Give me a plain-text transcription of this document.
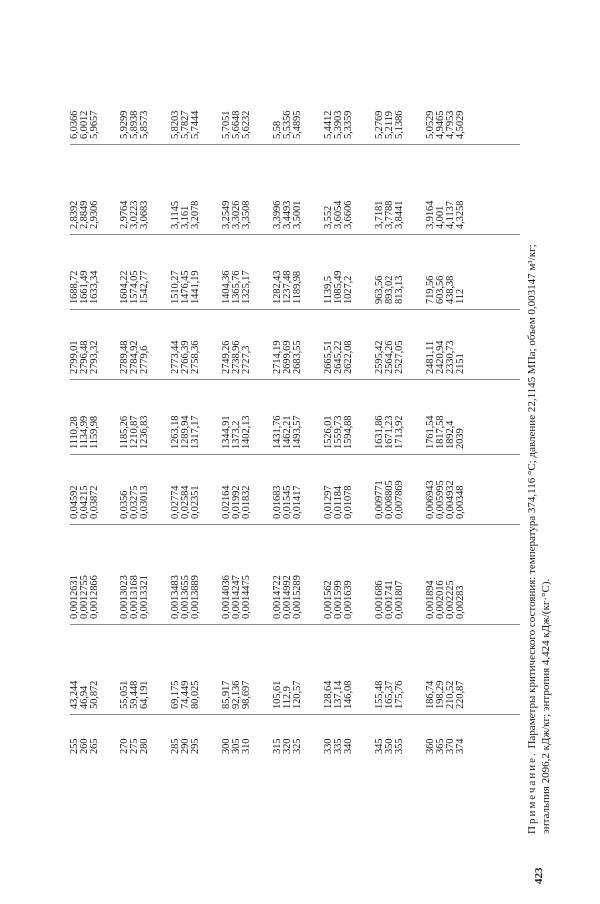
255 260 265
43,244 46,94 50,872
0,0012631 0,0012755 0,0012866
0,04592 0,04215 0,03872
1110,28 1134,99 1159,98
2799,01 2796,48 2793,32
1688,72 1661,49 1633,34
2,8392 2,8849 2,9306
6,0366 6,0012 5,9657
270 275 280
55,051 59,448 64,191
0,0013023 0,0013168 0,0013321
0,0356 0,03275 0,03013
1185,26 1210,87 1236,83
2789,48 2784,92 2779,6
1604,22 1574,05 1542,77
2,9764 3,0223 3,0683
5,9299 5,8938 5,8573
285 290 295
69,175 74,449 80,025
0,0013483 0,0013655 0,0013889
0,02774 0,02584 0,02351
1263,18 1289,94 1317,17
2773,44 2766,39 2758,36
1510,27 1476,45 1441,19
3,1145 3,161 3,2078
5,8203 5,7827 5,7444
300 305 310
85,917 92,136 98,697
0,0014036 0,0014247 0,0014475
0,02164 0,01992 0,01832
1344,91 1373,2 1402,13
2749,26 2738,96 2727,3
1404,36 1365,76 1325,17
3,2549 3,3026 3,3508
5,7051 5,6648 5,6232
315 320 325
105,61 112,9 120,57
0,0014722 0,0014992 0,0015289
0,01683 0,01545 0,01417
1431,76 1462,21 1493,57
2714,19 2699,69 2683,55
1282,43 1237,48 1189,98
3,3996 3,4493 3,5001
5,58 5,5356 5,4895
330 335 340
128,64 137,14 146,08
0,001562 0,001599 0,001639
0,01297 0,01184 0,01078
1526,01 1559,73 1594,88
2665,51 2645,22 2622,08
1139,5 1085,49 1027,2
3,552 3,6054 3,6606
5,4412 5,3903 5,3359
345 350 355
155,48 165,37 175,76
0,001686 0,001741 0,001807
0,009771 0,008805 0,007869
1631,86 1671,23 1713,92
2595,42 2564,26 2527,05
963,56 893,02 813,13
3,7181 3,7788 3,8441
5,2769 5,2119 5,1386
360 365 370 374
186,74 198,29 210,52 220,87
0,001894 0,002016 0,002225 0,00283
0,006943 0,005995 0,004932 0,00348
1761,54 1817,58 1892,4 2039
2481,11 2420,94 2330,73 2151
719,56 603,56 438,38 112
3,9164 4,001 4,1137 4,3258
5,0529 4,9465 4,7953 4,5029
Примечание. Параметры критического состояния: температура 374,116 °С; давление 22,1145 МПа; объем 0,003147 м³/кг; энтальпия 2096,2 кДж/кг; энтропия 4,424 кДж/(кг·°С).
423
